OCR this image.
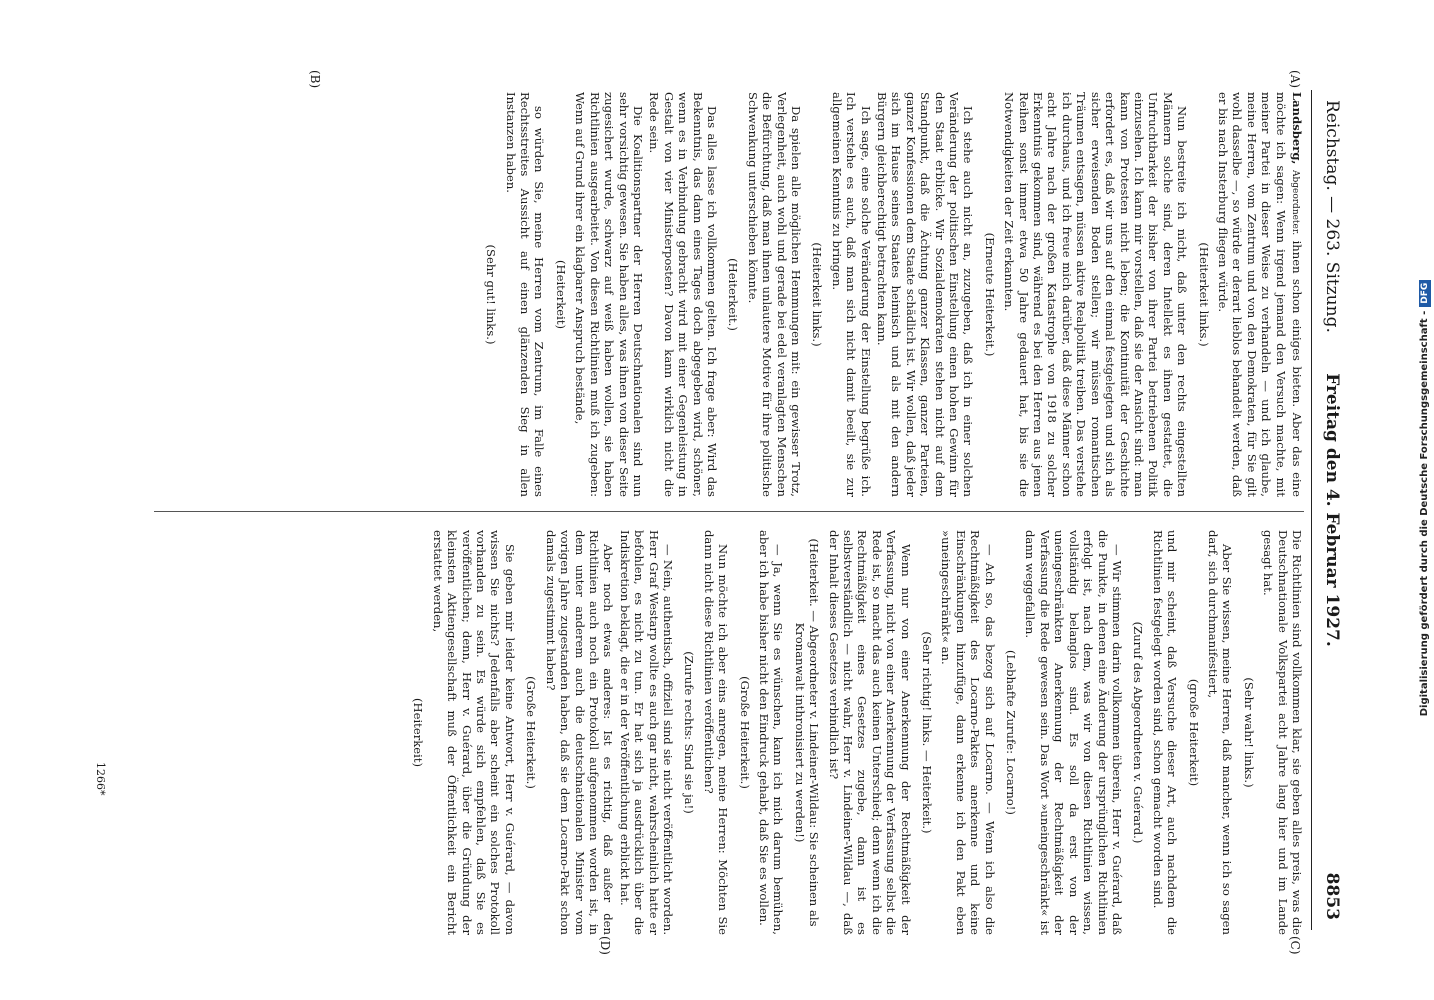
Reichstag. — 263. Sitzung.
Freitag den 4. Februar 1927.
8853
(A)
(B)
(C)
(D)

Landsberg, Abgeordneter. ihnen schon einiges bieten. Aber das eine möchte ich sagen: Wenn irgend jemand den Versuch machte, mit meiner Partei in dieser Weise zu verhandeln — und ich glaube, meine Herren, vom Zentrum und von den Demokraten, für Sie gilt wohl dasselbe —, so würde er derart lieblos behandelt werden, daß er bis nach Insterburg fliegen würde.

(Heiterkeit links.)

Nun bestreite ich nicht, daß unter den rechts eingestellten Männern solche sind, deren Intellekt es ihnen gestattet, die Unfruchtbarkeit der bisher von ihrer Partei betriebenen Politik einzusehen. Ich kann mir vorstellen, daß sie der Ansicht sind: man kann von Protesten nicht leben; die Kontinuität der Geschichte erfordert es, daß wir uns auf den einmal festgelegten und sich als sicher erweisenden Boden stellen; wir müssen romantischen Träumen entsagen, müssen aktive Realpolitik treiben. Das verstehe ich durchaus, und ich freue mich darüber, daß diese Männer schon acht Jahre nach der großen Katastrophe von 1918 zu solcher Erkenntnis gekommen sind, während es bei den Herren aus jenen Reihen sonst immer etwa 50 Jahre gedauert hat, bis sie die Notwendigkeiten der Zeit erkannten.

(Erneute Heiterkeit.)

Ich stehe auch nicht an, zuzugeben, daß ich in einer solchen Veränderung der politischen Einstellung einen hohen Gewinn für den Staat erblicke. Wir Sozialdemokraten stehen nicht auf dem Standpunkt, daß die Ächtung ganzer Klassen, ganzer Parteien, ganzer Konfessionen dem Staate schädlich ist. Wir wollen, daß jeder sich im Hause seines Staates heimisch und als mit den andern Bürgern gleichberechtigt betrachten kann.

Ich sage, eine solche Veränderung der Einstellung begrüße ich. Ich verstehe es auch, daß man sich nicht damit beeilt, sie zur allgemeinen Kenntnis zu bringen.

(Heiterkeit links.)

Da spielen alle möglichen Hemmungen mit: ein gewisser Trotz, Verlegenheit, auch wohl und gerade bei edel veranlagten Menschen die Befürchtung, daß man ihnen unlautere Motive für ihre politische Schwenkung unterschieben könnte.

(Heiterkeit.)

Das alles lasse ich vollkommen gelten. Ich frage aber: Wird das Bekenntnis, das dann eines Tages doch abgegeben wird, schöner, wenn es in Verbindung gebracht wird mit einer Gegenleistung in Gestalt von vier Ministerposten? Davon kann wirklich nicht die Rede sein.

Die Koalitionspartner der Herren Deutschnationalen sind nun sehr vorsichtig gewesen. Sie haben alles, was ihnen von dieser Seite zugesichert wurde, schwarz auf weiß haben wollen, sie haben Richtlinien ausgearbeitet. Von diesen Richtlinien muß ich zugeben: Wenn auf Grund ihrer ein klagbarer Anspruch bestände,

(Heiterkeit)

so würden Sie, meine Herren vom Zentrum, im Falle eines Rechtsstreites Aussicht auf einen glänzenden Sieg in allen Instanzen haben.

(Sehr gut! links.)

Die Richtlinien sind vollkommen klar, sie geben alles preis, was die Deutschnationale Volkspartei acht Jahre lang hier und im Lande gesagt hat.

(Sehr wahr! links.)

Aber Sie wissen, meine Herren, daß mancher, wenn ich so sagen darf, sich durchmanifestiert,

(große Heiterkeit)

und mir scheint, daß Versuche dieser Art, auch nachdem die Richtlinien festgelegt worden sind, schon gemacht worden sind.

(Zuruf des Abgeordneten v. Guérard.)

— Wir stimmen darin vollkommen überein, Herr v. Guérard, daß die Punkte, in denen eine Änderung der ursprünglichen Richtlinien erfolgt ist, nach dem, was wir von diesen Richtlinien wissen, vollständig belanglos sind. Es soll da erst von der uneingeschränkten Anerkennung der Rechtmäßigkeit der Verfassung die Rede gewesen sein. Das Wort »uneingeschränkt« ist dann weggefallen.

(Lebhafte Zurufe: Locarno!)

— Ach so, das bezog sich auf Locarno. — Wenn ich also die Rechtmäßigkeit des Locarno-Paktes anerkenne und keine Einschränkungen hinzufüge, dann erkenne ich den Pakt eben »uneingeschränkt« an.

(Sehr richtig! links. — Heiterkeit.)

Wenn nur von einer Anerkennung der Rechtmäßigkeit der Verfassung, nicht von einer Anerkennung der Verfassung selbst die Rede ist, so macht das auch keinen Unterschied; denn wenn ich die Rechtmäßigkeit eines Gesetzes zugebe, dann ist es selbstverständlich — nicht wahr, Herr v. Lindeiner-Wildau —, daß der Inhalt dieses Gesetzes verbindlich ist?

(Heiterkeit. — Abgeordneter v. Lindeiner-Wildau: Sie scheinen als Kronanwalt inthronisiert zu werden!)

— Ja, wenn Sie es wünschen, kann ich mich darum bemühen, aber ich habe bisher nicht den Eindruck gehabt, daß Sie es wollen.

(Große Heiterkeit.)

Nun möchte ich aber eins anregen, meine Herren: Möchten Sie dann nicht diese Richtlinien veröffentlichen?

(Zurufe rechts: Sind sie ja!)

— Nein, authentisch, offiziell sind sie nicht veröffentlicht worden. Herr Graf Westarp wollte es auch gar nicht, wahrscheinlich hatte er befohlen, es nicht zu tun. Er hat sich ja ausdrücklich über die Indiskretion beklagt, die er in der Veröffentlichung erblickt hat.

Aber noch etwas anderes: Ist es richtig, daß außer den Richtlinien auch noch ein Protokoll aufgenommen worden ist, in dem unter anderem auch die deutschnationalen Minister vom vorigen Jahre zugestanden haben, daß sie dem Locarno-Pakt schon damals zugestimmt haben?

(Große Heiterkeit.)

Sie geben mir leider keine Antwort, Herr v. Guérard, — davon wissen Sie nichts? Jedenfalls aber scheint ein solches Protokoll vorhanden zu sein. Es würde sich empfehlen, daß Sie es veröffentlichen; denn, Herr v. Guérard, über die Gründung der kleinsten Aktiengesellschaft muß der Öffentlichkeit ein Bericht erstattet werden,

(Heiterkeit)

1266*
Digitalisierung gefördert durch die Deutsche Forschungsgemeinschaft -DFG
